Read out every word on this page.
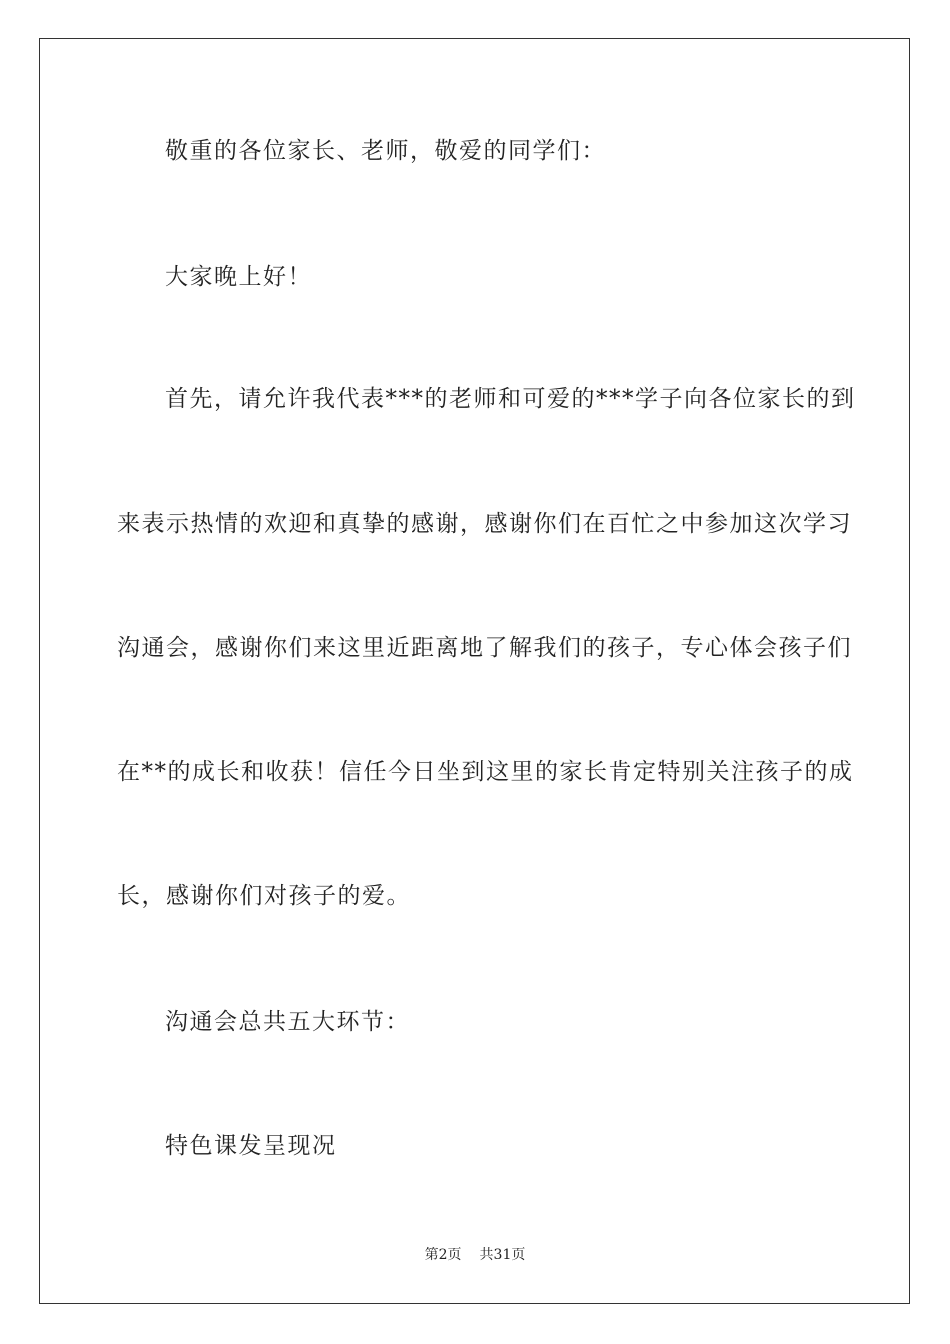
敬重的各位家长、老师，敬爱的同学们：
大家晚上好！
首先，请允许我代表***的老师和可爱的***学子向各位家长的到
来表示热情的欢迎和真挚的感谢，感谢你们在百忙之中参加这次学习
沟通会，感谢你们来这里近距离地了解我们的孩子，专心体会孩子们
在**的成长和收获！信任今日坐到这里的家长肯定特别关注孩子的成
长，感谢你们对孩子的爱。
沟通会总共五大环节：
特色课发呈现况
第2页 共31页
